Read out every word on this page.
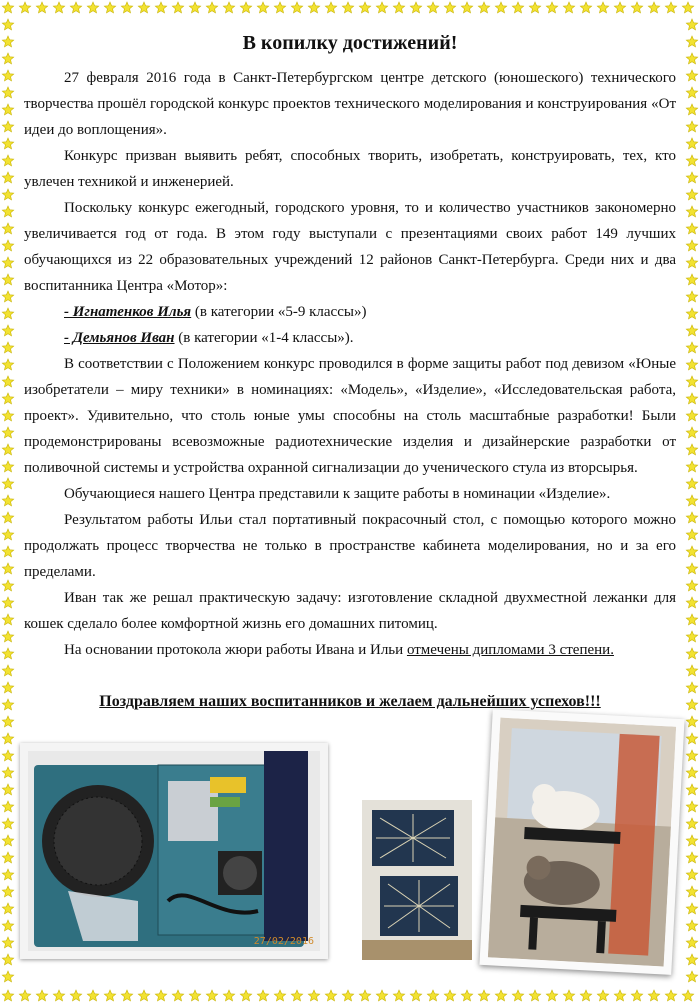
В копилку достижений!

27 февраля 2016 года в Санкт-Петербургском центре детского (юношеского) технического творчества прошёл городской конкурс проектов технического моделирования и конструирования «От идеи до воплощения».

Конкурс призван выявить ребят, способных творить, изобретать, конструировать, тех, кто увлечен техникой и инженерией.

Поскольку конкурс ежегодный, городского уровня, то и количество участников закономерно увеличивается год от года. В этом году выступали с презентациями своих работ 149 лучших обучающихся из 22 образовательных учреждений 12 районов Санкт-Петербурга. Среди них и два воспитанника Центра «Мотор»:

- Игнатенков Илья (в категории «5-9 классы»)

- Демьянов Иван (в категории «1-4 классы»).

В соответствии с Положением конкурс проводился в форме защиты работ под девизом «Юные изобретатели – миру техники» в номинациях: «Модель», «Изделие», «Исследовательская работа, проект». Удивительно, что столь юные умы способны на столь масштабные разработки! Были продемонстрированы всевозможные радиотехнические изделия и дизайнерские разработки от поливочной системы и устройства охранной сигнализации до ученического стула из вторсырья.

Обучающиеся нашего Центра представили к защите работы в номинации «Изделие».

Результатом работы Ильи стал портативный покрасочный стол, с помощью которого можно продолжать процесс творчества не только в пространстве кабинета моделирования, но и за его пределами.

Иван так же решал практическую задачу: изготовление складной двухместной лежанки для кошек сделало более комфортной жизнь его домашних питомиц.

На основании протокола жюри работы Ивана и Ильи отмечены дипломами 3 степени.

Поздравляем наших воспитанников и желаем дальнейших успехов!!!

27/02/2016
